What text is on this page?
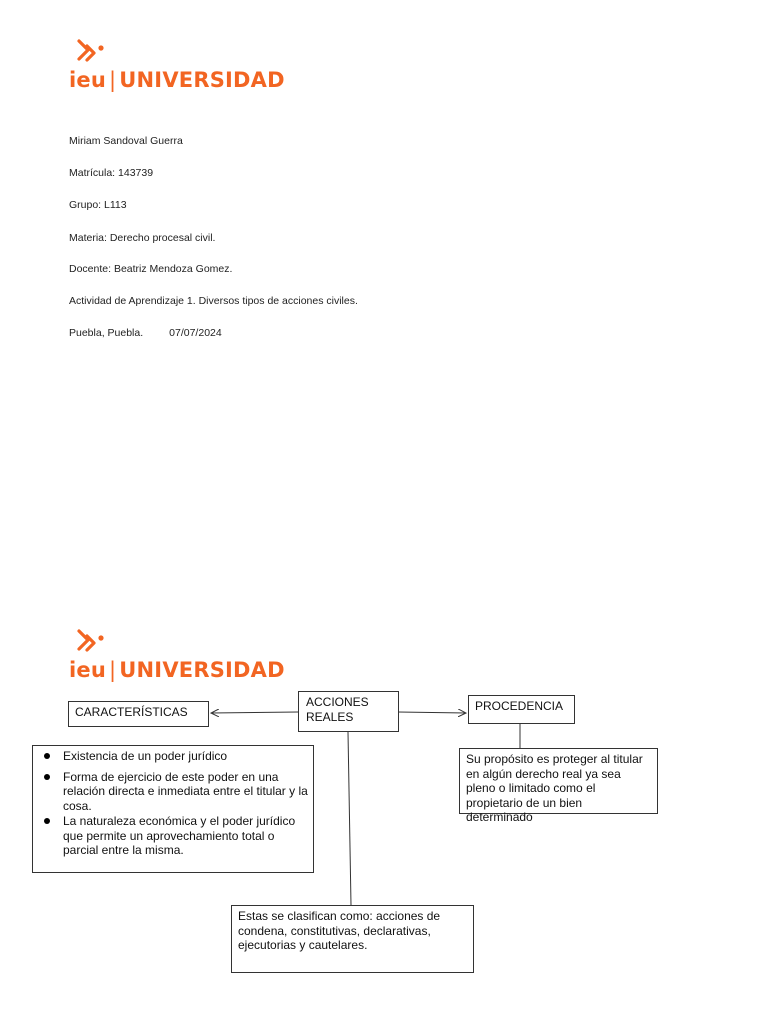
ieu | UNIVERSIDAD
Miriam Sandoval Guerra
Matrícula: 143739
Grupo: L113
Materia: Derecho procesal civil.
Docente: Beatriz Mendoza Gomez.
Actividad de Aprendizaje 1. Diversos tipos de acciones civiles.
Puebla, Puebla. 07/07/2024
ieu | UNIVERSIDAD
ACCIONES REALES
CARACTERÍSTICAS	PROCEDENCIA
Existencia de un poder jurídico
Forma de ejercicio de este poder en una relación directa e inmediata entre el titular y la cosa.
La naturaleza económica y el poder jurídico que permite un aprovechamiento total o parcial entre la misma.
Su propósito es proteger al titular en algún derecho real ya sea pleno o limitado como el propietario de un bien determinado
Estas se clasifican como: acciones de condena, constitutivas, declarativas, ejecutorias y cautelares.
